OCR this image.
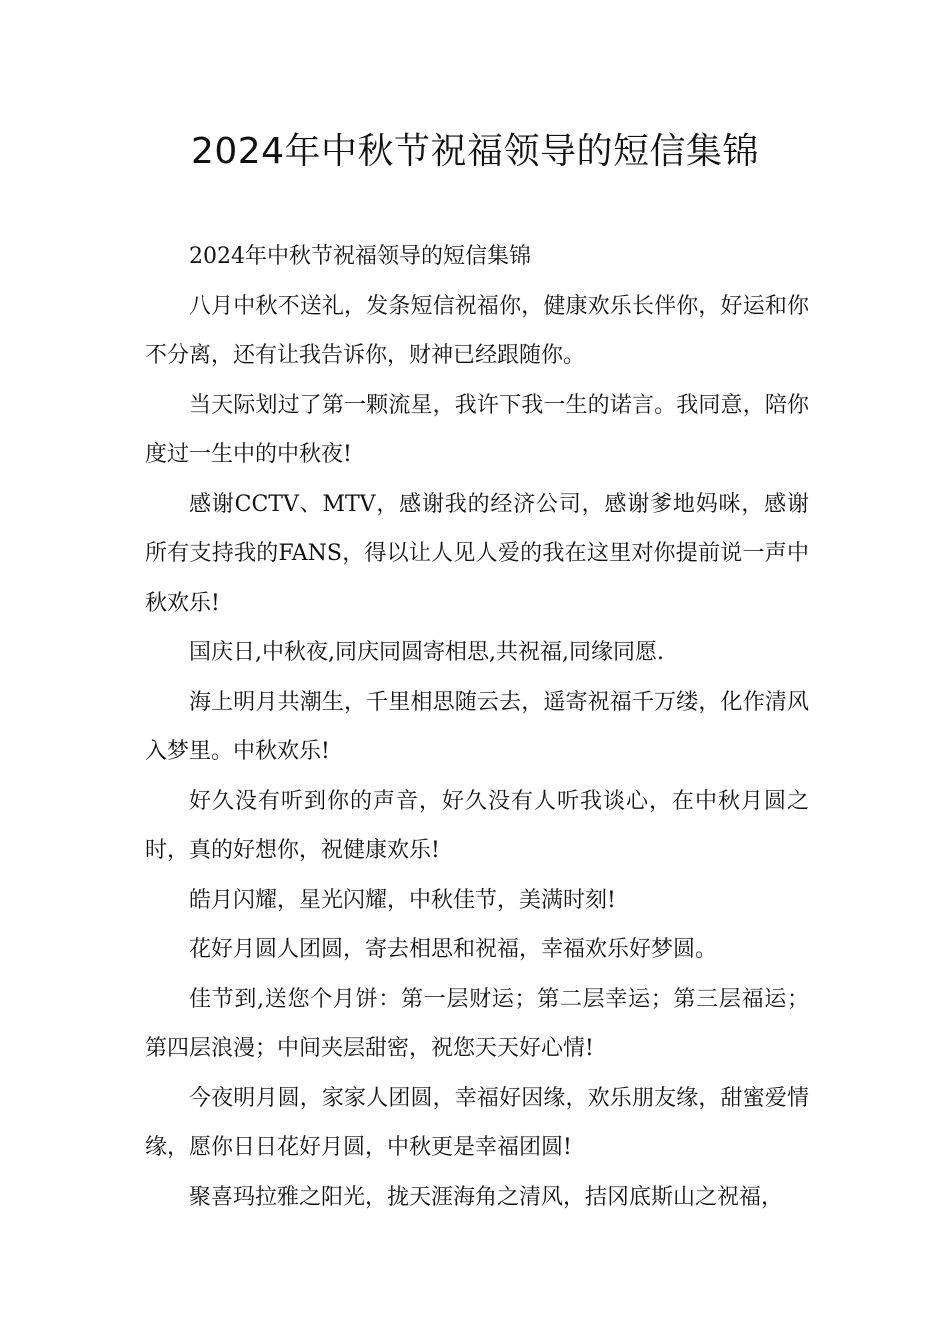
2024年中秋节祝福领导的短信集锦

2024年中秋节祝福领导的短信集锦

八月中秋不送礼，发条短信祝福你，健康欢乐长伴你，好运和你不分离，还有让我告诉你，财神已经跟随你。

当天际划过了第一颗流星，我许下我一生的诺言。我同意，陪你度过一生中的中秋夜!

感谢CCTV、MTV，感谢我的经济公司，感谢爹地妈咪，感谢所有支持我的FANS，得以让人见人爱的我在这里对你提前说一声中秋欢乐!

国庆日,中秋夜,同庆同圆寄相思,共祝福,同缘同愿.

海上明月共潮生，千里相思随云去，遥寄祝福千万缕，化作清风入梦里。中秋欢乐!

好久没有听到你的声音，好久没有人听我谈心，在中秋月圆之时，真的好想你，祝健康欢乐!

皓月闪耀，星光闪耀，中秋佳节，美满时刻!

花好月圆人团圆，寄去相思和祝福，幸福欢乐好梦圆。

佳节到,送您个月饼：第一层财运；第二层幸运；第三层福运；第四层浪漫；中间夹层甜密，祝您天天好心情!

今夜明月圆，家家人团圆，幸福好因缘，欢乐朋友缘，甜蜜爱情缘，愿你日日花好月圆，中秋更是幸福团圆!

聚喜玛拉雅之阳光，拢天涯海角之清风，拮冈底斯山之祝福，
